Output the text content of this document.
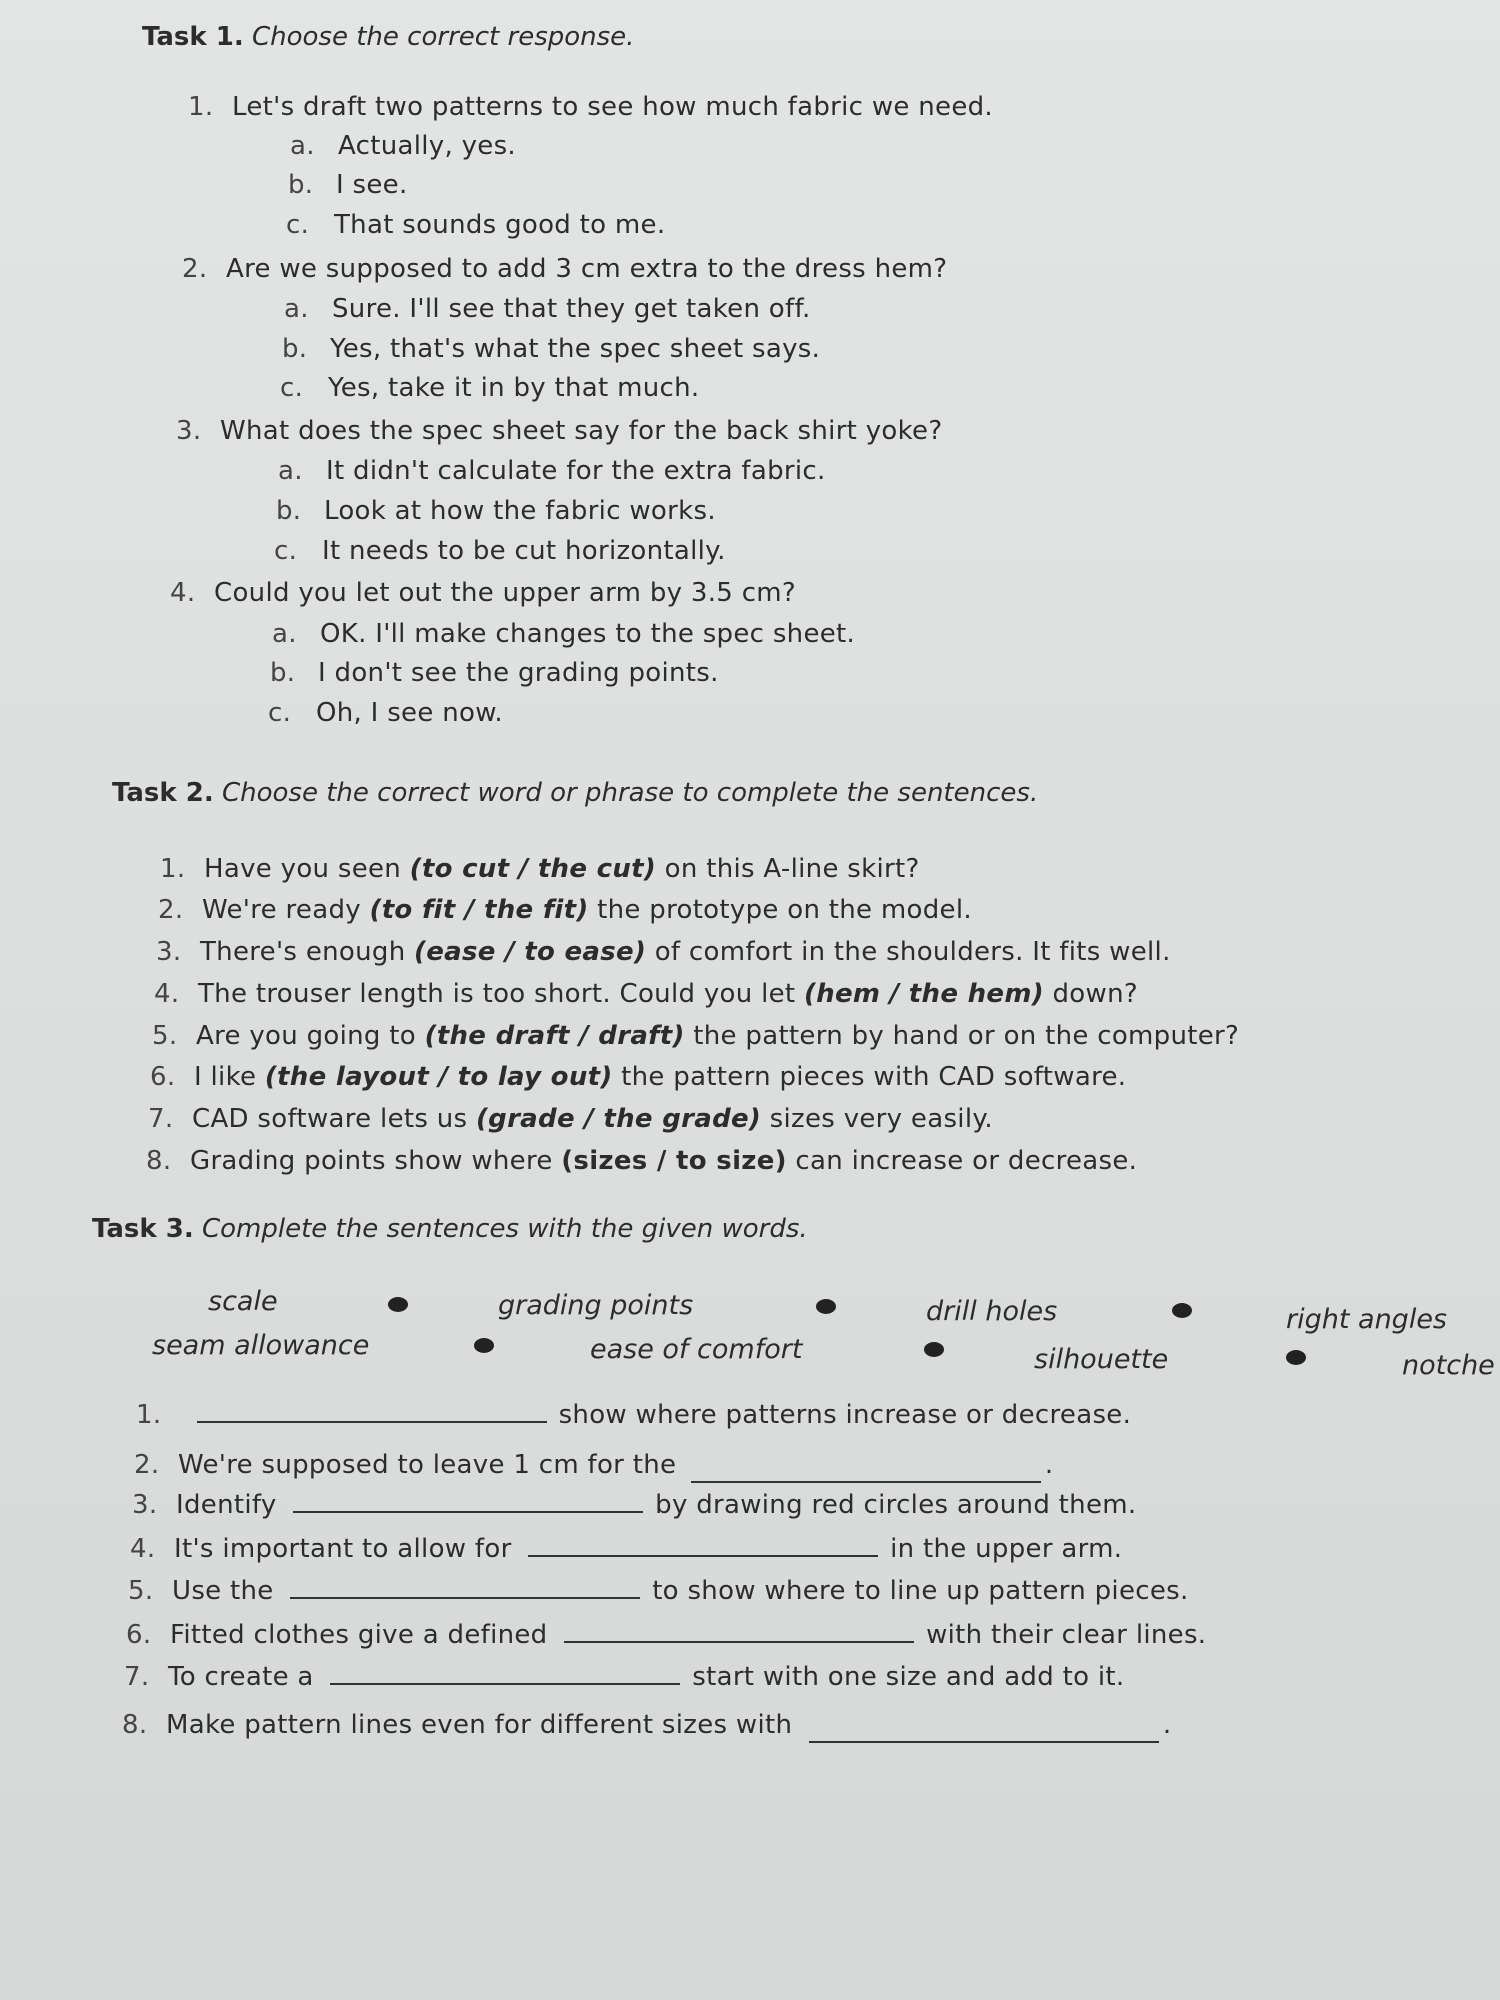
Task 1. Choose the correct response.
1. Let's draft two patterns to see how much fabric we need.
a. Actually, yes.
b. I see.
c. That sounds good to me.
2. Are we supposed to add 3 cm extra to the dress hem?
a. Sure. I'll see that they get taken off.
b. Yes, that's what the spec sheet says.
c. Yes, take it in by that much.
3. What does the spec sheet say for the back shirt yoke?
a. It didn't calculate for the extra fabric.
b. Look at how the fabric works.
c. It needs to be cut horizontally.
4. Could you let out the upper arm by 3.5 cm?
a. OK. I'll make changes to the spec sheet.
b. I don't see the grading points.
c. Oh, I see now.
Task 2. Choose the correct word or phrase to complete the sentences.
1. Have you seen (to cut / the cut) on this A-line skirt?
2. We're ready (to fit / the fit) the prototype on the model.
3. There's enough (ease / to ease) of comfort in the shoulders. It fits well.
4. The trouser length is too short. Could you let (hem / the hem) down?
5. Are you going to (the draft / draft) the pattern by hand or on the computer?
6. I like (the layout / to lay out) the pattern pieces with CAD software.
7. CAD software lets us (grade / the grade) sizes very easily.
8. Grading points show where (sizes / to size) can increase or decrease.
Task 3. Complete the sentences with the given words.
scale	grading points	drill holes	right angles
seam allowance	ease of comfort	silhouette	notche
1.	show where patterns increase or decrease.
2. We're supposed to leave 1 cm for the	.
3. Identify	by drawing red circles around them.
4. It's important to allow for	in the upper arm.
5. Use the	to show where to line up pattern pieces.
6. Fitted clothes give a defined	with their clear lines.
7. To create a	start with one size and add to it.
8. Make pattern lines even for different sizes with	.
